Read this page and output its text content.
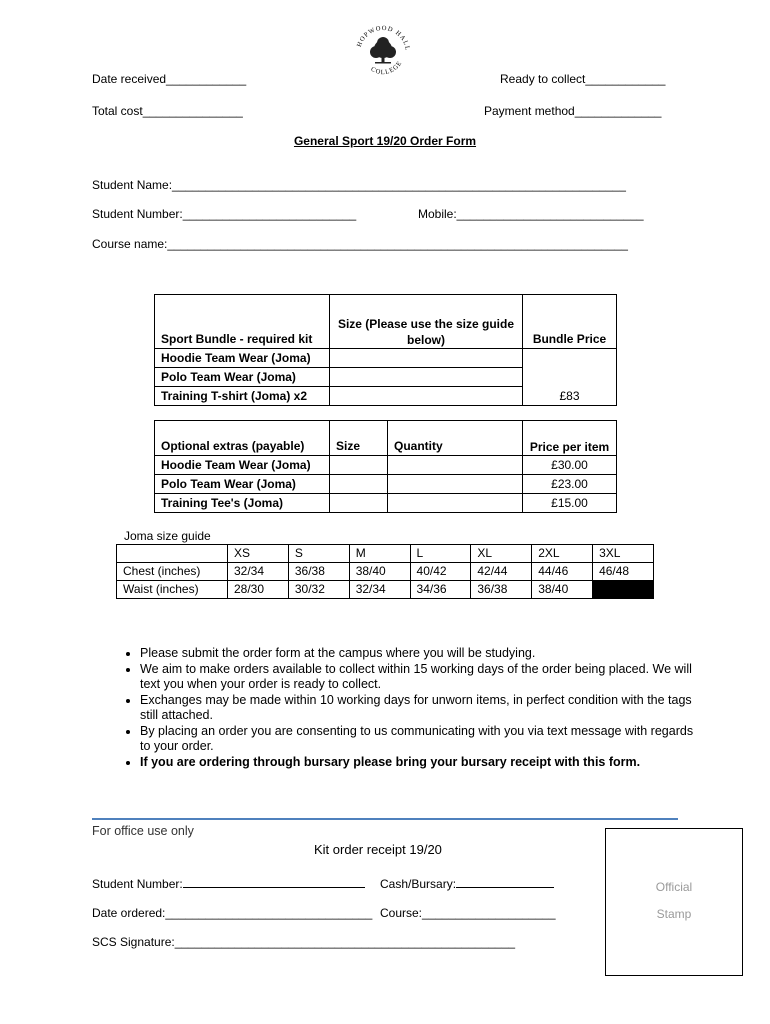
HOPWOOD HALL
COLLEGE
Date received____________	Ready to collect____________
Total cost_______________	Payment method_____________
General Sport 19/20 Order Form
Student Name:____________________________________________________________________
Student Number:__________________________	Mobile:____________________________
Course name:_____________________________________________________________________
Sport Bundle - required kit	Size (Please use the size guide below)	Bundle Price
Hoodie Team Wear (Joma)		£83
Polo Team Wear (Joma)		
Training T-shirt (Joma) x2		
Optional extras (payable)	Size	Quantity	Price per item
Hoodie Team Wear (Joma)			£30.00
Polo Team Wear (Joma)			£23.00
Training Tee's (Joma)			£15.00
Joma size guide
	XS	S	M	L	XL	2XL	3XL
Chest (inches)	32/34	36/38	38/40	40/42	42/44	44/46	46/48
Waist (inches)	28/30	30/32	32/34	34/36	36/38	38/40	
• Please submit the order form at the campus where you will be studying.
• We aim to make orders available to collect within 15 working days of the order being placed. We will text you when your order is ready to collect.
• Exchanges may be made within 10 working days for unworn items, in perfect condition with the tags still attached.
• By placing an order you are consenting to us communicating with you via text message with regards to your order.
• If you are ordering through bursary please bring your bursary receipt with this form.
For office use only
Kit order receipt 19/20
Student Number:	Cash/Bursary:
Date ordered:_______________________________ Course:____________________
SCS Signature:___________________________________________________
Official
Stamp
